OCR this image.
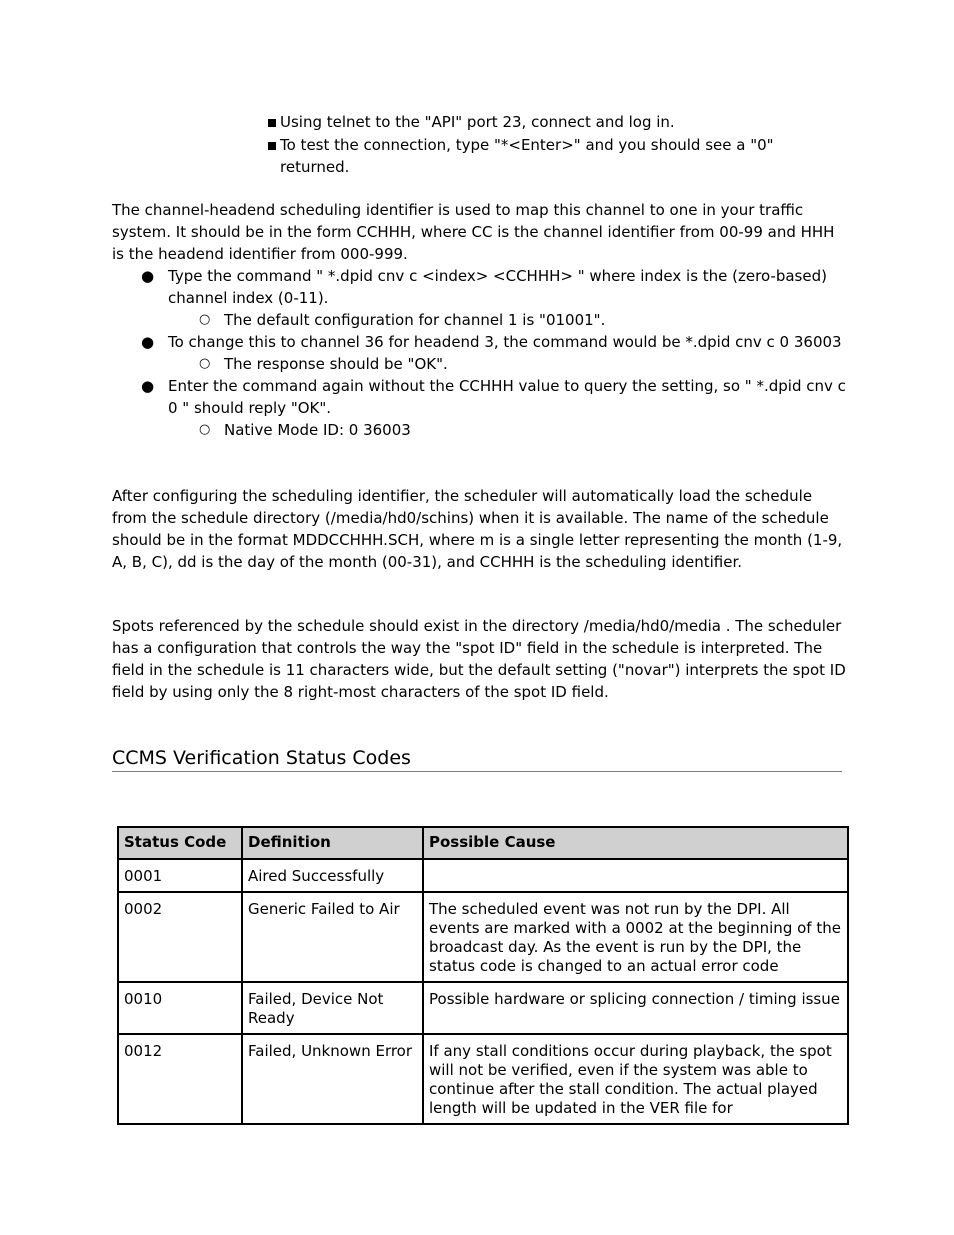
Using telnet to the "API" port 23, connect and log in.
To test the connection, type "*<Enter>" and you should see a "0" returned.

The channel-headend scheduling identifier is used to map this channel to one in your traffic system. It should be in the form CCHHH, where CC is the channel identifier from 00-99 and HHH is the headend identifier from 000-999.

● Type the command " *.dpid cnv c <index> <CCHHH> " where index is the (zero-based) channel index (0-11).
○ The default configuration for channel 1 is "01001".
● To change this to channel 36 for headend 3, the command would be *.dpid cnv c 0 36003
○ The response should be "OK".
● Enter the command again without the CCHHH value to query the setting, so " *.dpid cnv c 0 " should reply "OK".
○ Native Mode ID: 0 36003

After configuring the scheduling identifier, the scheduler will automatically load the schedule from the schedule directory (/media/hd0/schins) when it is available. The name of the schedule should be in the format MDDCCHHH.SCH, where m is a single letter representing the month (1-9, A, B, C), dd is the day of the month (00-31), and CCHHH is the scheduling identifier.

Spots referenced by the schedule should exist in the directory /media/hd0/media . The scheduler has a configuration that controls the way the "spot ID" field in the schedule is interpreted. The field in the schedule is 11 characters wide, but the default setting ("novar") interprets the spot ID field by using only the 8 right-most characters of the spot ID field.

CCMS Verification Status Codes
Status Code	Definition	Possible Cause
0001	Aired Successfully	
0002	Generic Failed to Air	The scheduled event was not run by the DPI. All events are marked with a 0002 at the beginning of the broadcast day. As the event is run by the DPI, the status code is changed to an actual error code
0010	Failed, Device Not Ready	Possible hardware or splicing connection / timing issue
0012	Failed, Unknown Error	If any stall conditions occur during playback, the spot will not be verified, even if the system was able to continue after the stall condition. The actual played length will be updated in the VER file for
